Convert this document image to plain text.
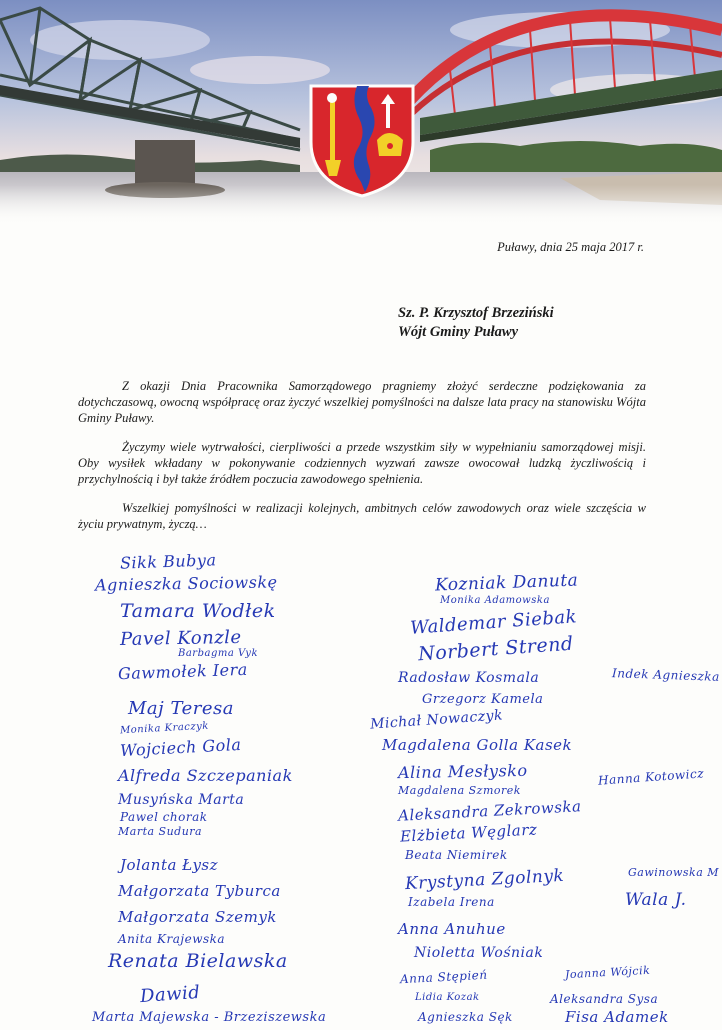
Puławy, dnia 25 maja 2017 r.
Sz. P. Krzysztof Brzeziński
Wójt Gminy Puławy

Z okazji Dnia Pracownika Samorządowego pragniemy złożyć serdeczne podziękowania za dotychczasową, owocną współpracę oraz życzyć wszelkiej pomyślności na dalsze lata pracy na stanowisku Wójta Gminy Puławy.

Życzymy wiele wytrwałości, cierpliwości a przede wszystkim siły w wypełnianiu samorządowej misji. Oby wysiłek wkładany w pokonywanie codziennych wyzwań zawsze owocował ludzką życzliwością i przychylnością i był także źródłem poczucia zawodowego spełnienia.

Wszelkiej pomyślności w realizacji kolejnych, ambitnych celów zawodowych oraz wiele szczęścia w życiu prywatnym, życzą…

Sikk Bubya
Agnieszka Sociowskę
Tamara Wodłek
Pavel Konzle
Barbagma Vyk
Gawmołek Iera
Maj Teresa
Monika Kraczyk
Wojciech Gola
Alfreda Szczepaniak
Musyńska Marta
Pawel chorak
Marta Sudura
Jolanta Łysz
Małgorzata Tyburca
Małgorzata Szemyk
Anita Krajewska
Renata Bielawska
Dawid
Marta Majewska - Brzeziszewska
Kozniak Danuta
Monika Adamowska
Waldemar Siebak
Norbert Strend
Radosław Kosmala	Indek Agnieszka
Grzegorz Kamela
Michał Nowaczyk
Magdalena Golla Kasek
Alina Mesłysko
Magdalena Szmorek
Hanna Kotowicz
Aleksandra Zekrowska
Elżbieta Węglarz
Beata Niemirek
Krystyna Zgolnyk	Gawinowska M
Izabela Irena	Wala J.
Anna Anuhue
Nioletta Wośniak
Anna Stępień	Joanna Wójcik
Lidia Kozak	Aleksandra Sysa
Agnieszka Sęk	Fisa Adamek
